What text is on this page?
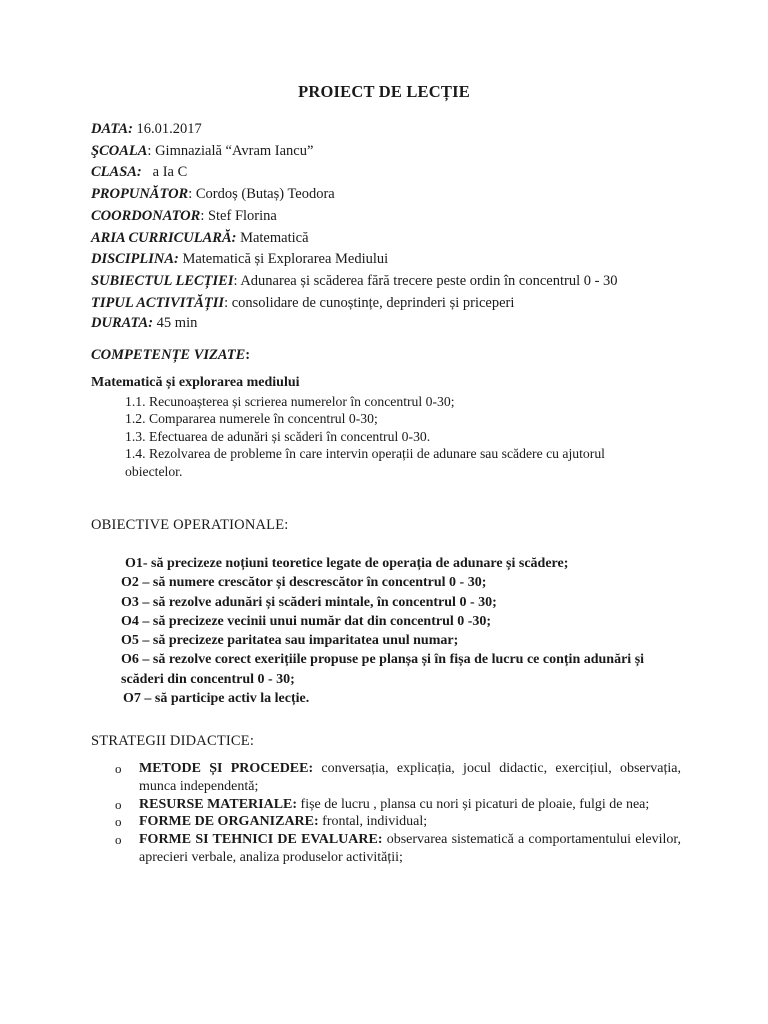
PROIECT DE LECȚIE
DATA: 16.01.2017
ŞCOALA: Gimnazială “Avram Iancu”
CLASA:   a Ia C
PROPUNĂTOR: Cordoș (Butaș) Teodora
COORDONATOR: Stef Florina
ARIA CURRICULARĂ: Matematică
DISCIPLINA: Matematică și Explorarea Mediului
SUBIECTUL LECȚIEI: Adunarea și scăderea fără trecere peste ordin în concentrul 0 - 30
TIPUL ACTIVITĂȚII: consolidare de cunoștințe, deprinderi și priceperi
DURATA: 45 min
COMPETENȚE VIZATE:
Matematică și explorarea mediului
1.1. Recunoașterea și scrierea numerelor în concentrul 0-30;
1.2. Compararea numerele în concentrul 0-30;
1.3. Efectuarea de adunări și scăderi în concentrul 0-30.
1.4. Rezolvarea de probleme în care intervin operații de adunare sau scădere cu ajutorul obiectelor.
OBIECTIVE OPERATIONALE:
O1- să precizeze noțiuni teoretice legate de operația de adunare și scădere;
O2 – să numere crescător și descrescător în concentrul 0 - 30;
O3 – să rezolve adunări și scăderi mintale, în concentrul 0 - 30;
O4 – să precizeze vecinii unui număr dat din concentrul 0 -30;
O5 – să precizeze paritatea sau imparitatea unul numar;
O6 – să rezolve corect exerițiile propuse pe planșa și în fișa de lucru ce conțin adunări și scăderi din concentrul 0 - 30;
O7 – să participe activ la lecție.
STRATEGII DIDACTICE:
o METODE ȘI PROCEDEE: conversația, explicația, jocul didactic, exercițiul, observația, munca independentă;
o RESURSE MATERIALE: fișe de lucru , plansa cu nori și picaturi de ploaie, fulgi de nea;
o FORME DE ORGANIZARE: frontal, individual;
o FORME SI TEHNICI DE EVALUARE: observarea sistematică a comportamentului elevilor, aprecieri verbale, analiza produselor activității;
